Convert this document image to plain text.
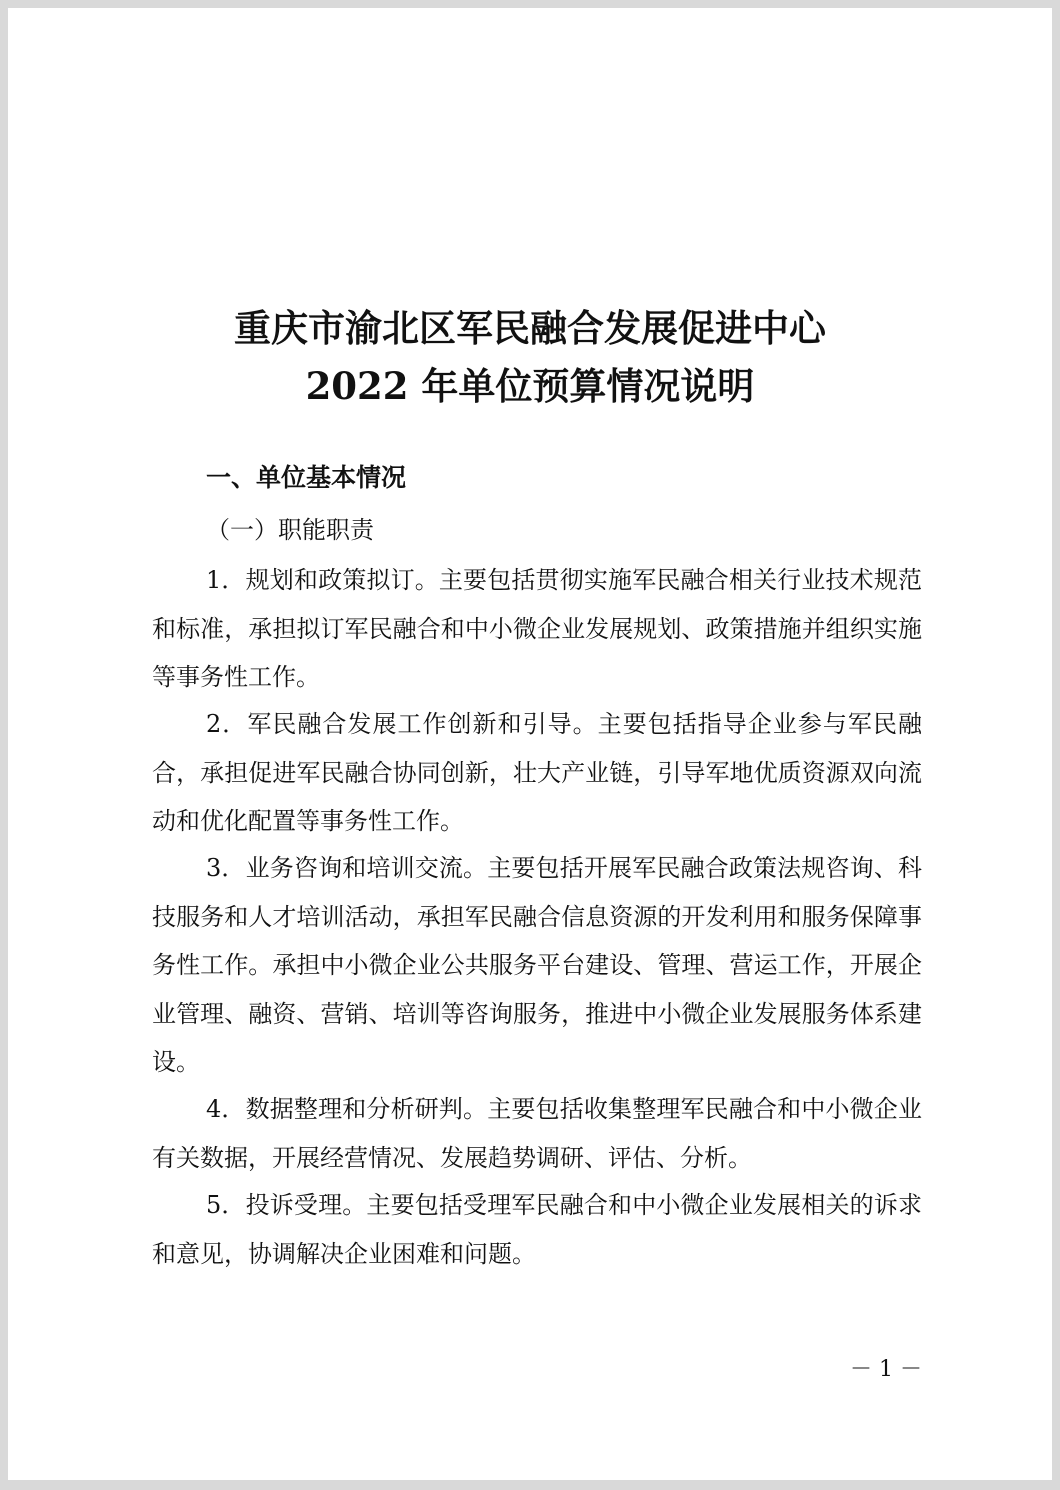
重庆市渝北区军民融合发展促进中心
2022 年单位预算情况说明
一、单位基本情况
（一）职能职责

1．规划和政策拟订。主要包括贯彻实施军民融合相关行业技术规范和标准，承担拟订军民融合和中小微企业发展规划、政策措施并组织实施等事务性工作。

2．军民融合发展工作创新和引导。主要包括指导企业参与军民融合，承担促进军民融合协同创新，壮大产业链，引导军地优质资源双向流动和优化配置等事务性工作。

3．业务咨询和培训交流。主要包括开展军民融合政策法规咨询、科技服务和人才培训活动，承担军民融合信息资源的开发利用和服务保障事务性工作。承担中小微企业公共服务平台建设、管理、营运工作，开展企业管理、融资、营销、培训等咨询服务，推进中小微企业发展服务体系建设。

4．数据整理和分析研判。主要包括收集整理军民融合和中小微企业有关数据，开展经营情况、发展趋势调研、评估、分析。

5．投诉受理。主要包括受理军民融合和中小微企业发展相关的诉求和意见，协调解决企业困难和问题。

－ 1 －
